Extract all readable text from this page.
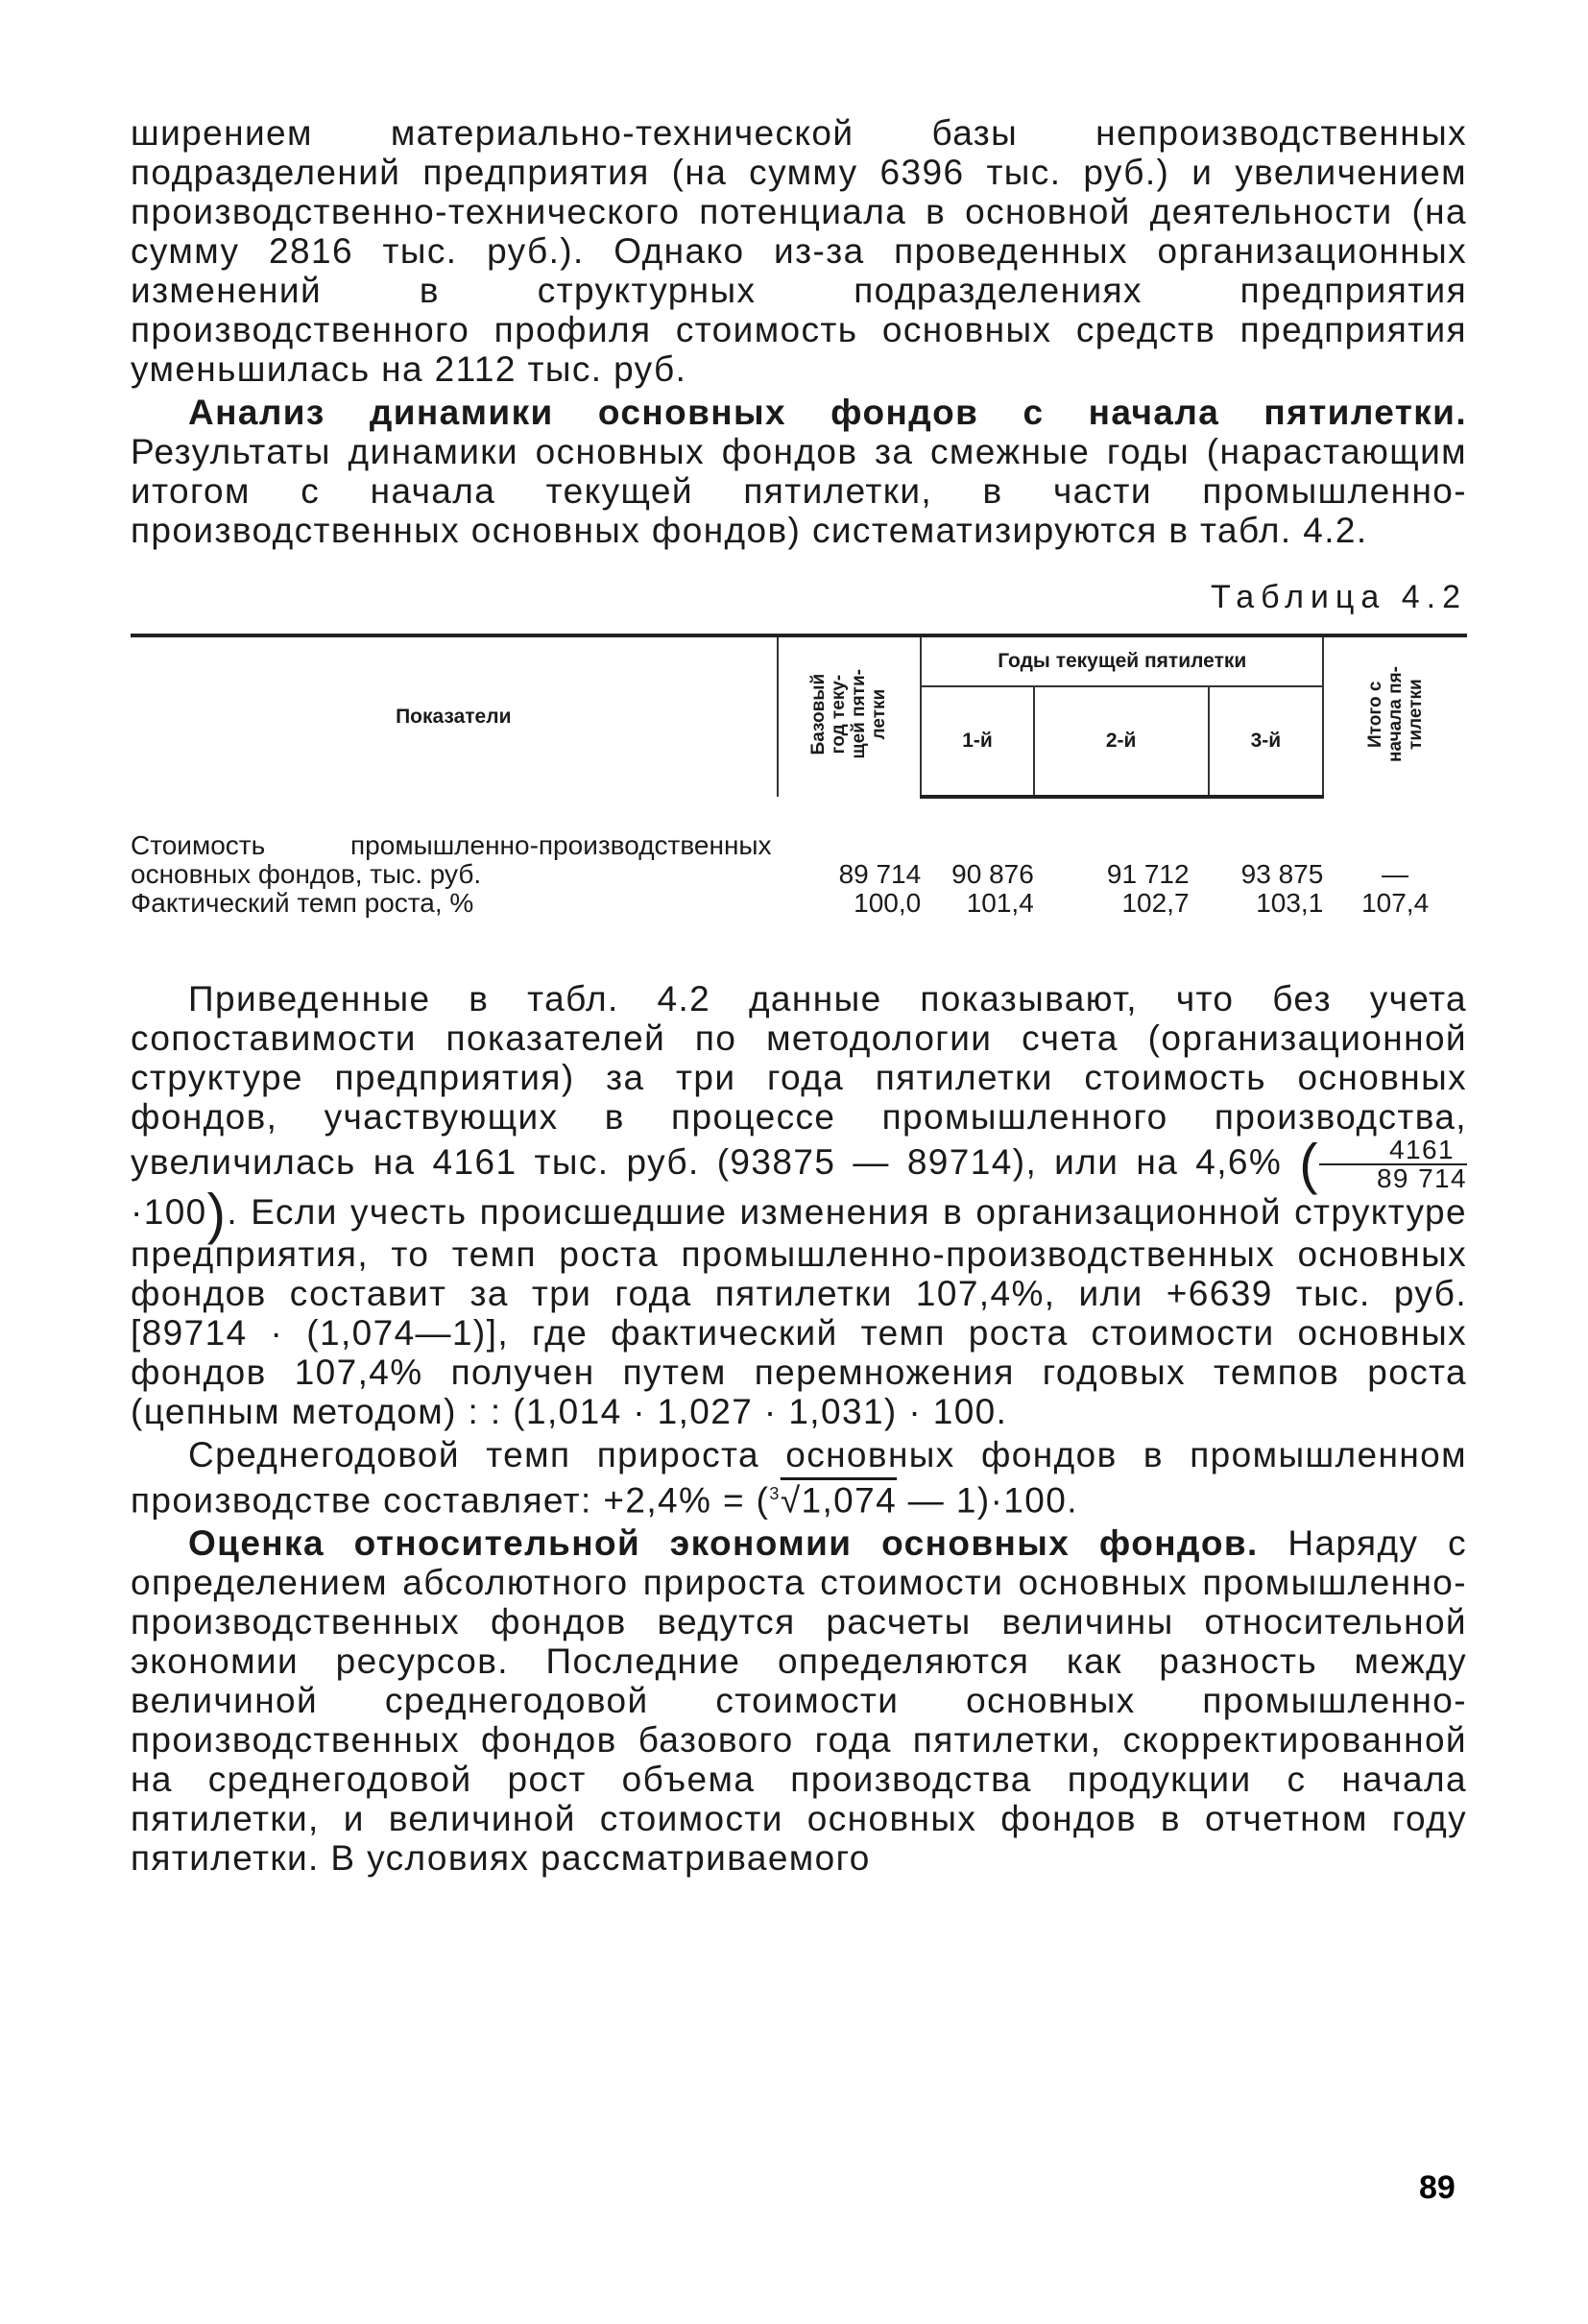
ширением материально-технической базы непроизводственных подразделений предприятия (на сумму 6396 тыс. руб.) и увеличением производственно-технического потенциала в основной деятельности (на сумму 2816 тыс. руб.). Однако из-за проведенных организационных изменений в структурных подразделениях предприятия производственного профиля стоимость основных средств предприятия уменьшилась на 2112 тыс. руб.

Анализ динамики основных фондов с начала пятилетки. Результаты динамики основных фондов за смежные годы (нарастающим итогом с начала текущей пятилетки, в части промышленно-производственных основных фондов) систематизируются в табл. 4.2.

Таблица 4.2
Показатели	Базовый
год теку-
щей пяти-
летки	Годы текущей пятилетки			Итого с
начала пя-
тилетки
		1-й	2-й	3-й	

Стоимость промышленно-производственных основных фондов, тыс. руб.	89 714	90 876	91 712	93 875	—
Фактический темп роста, %	100,0	101,4	102,7	103,1	107,4

Приведенные в табл. 4.2 данные показывают, что без учета сопоставимости показателей по методологии счета (организационной структуре предприятия) за три года пятилетки стоимость основных фондов, участвующих в процессе промышленного производства, увеличилась на 4161 тыс. руб. (93875 — 89714), или на 4,6% ( $\frac{4161}{89 714}$
·100). Если учесть происшедшие изменения в организационной структуре предприятия, то темп роста промышленно-производственных основных фондов составит за три года пятилетки 107,4%, или +6639 тыс. руб. [89714 · (1,074—1)], где фактический темп роста стоимости основных фондов 107,4% получен путем перемножения годовых темпов роста (цепным методом) : : (1,014 · 1,027 · 1,031) · 100.

Среднегодовой темп прироста основных фондов в промышленном производстве составляет: +2,4% = ($^3$√1,074 — 1)·100.

Оценка относительной экономии основных фондов. Наряду с определением абсолютного прироста стоимости основных промышленно-производственных фондов ведутся расчеты величины относительной экономии ресурсов. Последние определяются как разность между величиной среднегодовой стоимости основных промышленно-производственных фондов базового года пятилетки, скорректированной на среднегодовой рост объема производства продукции с начала пятилетки, и величиной стоимости основных фондов в отчетном году пятилетки. В условиях рассматриваемого

89
